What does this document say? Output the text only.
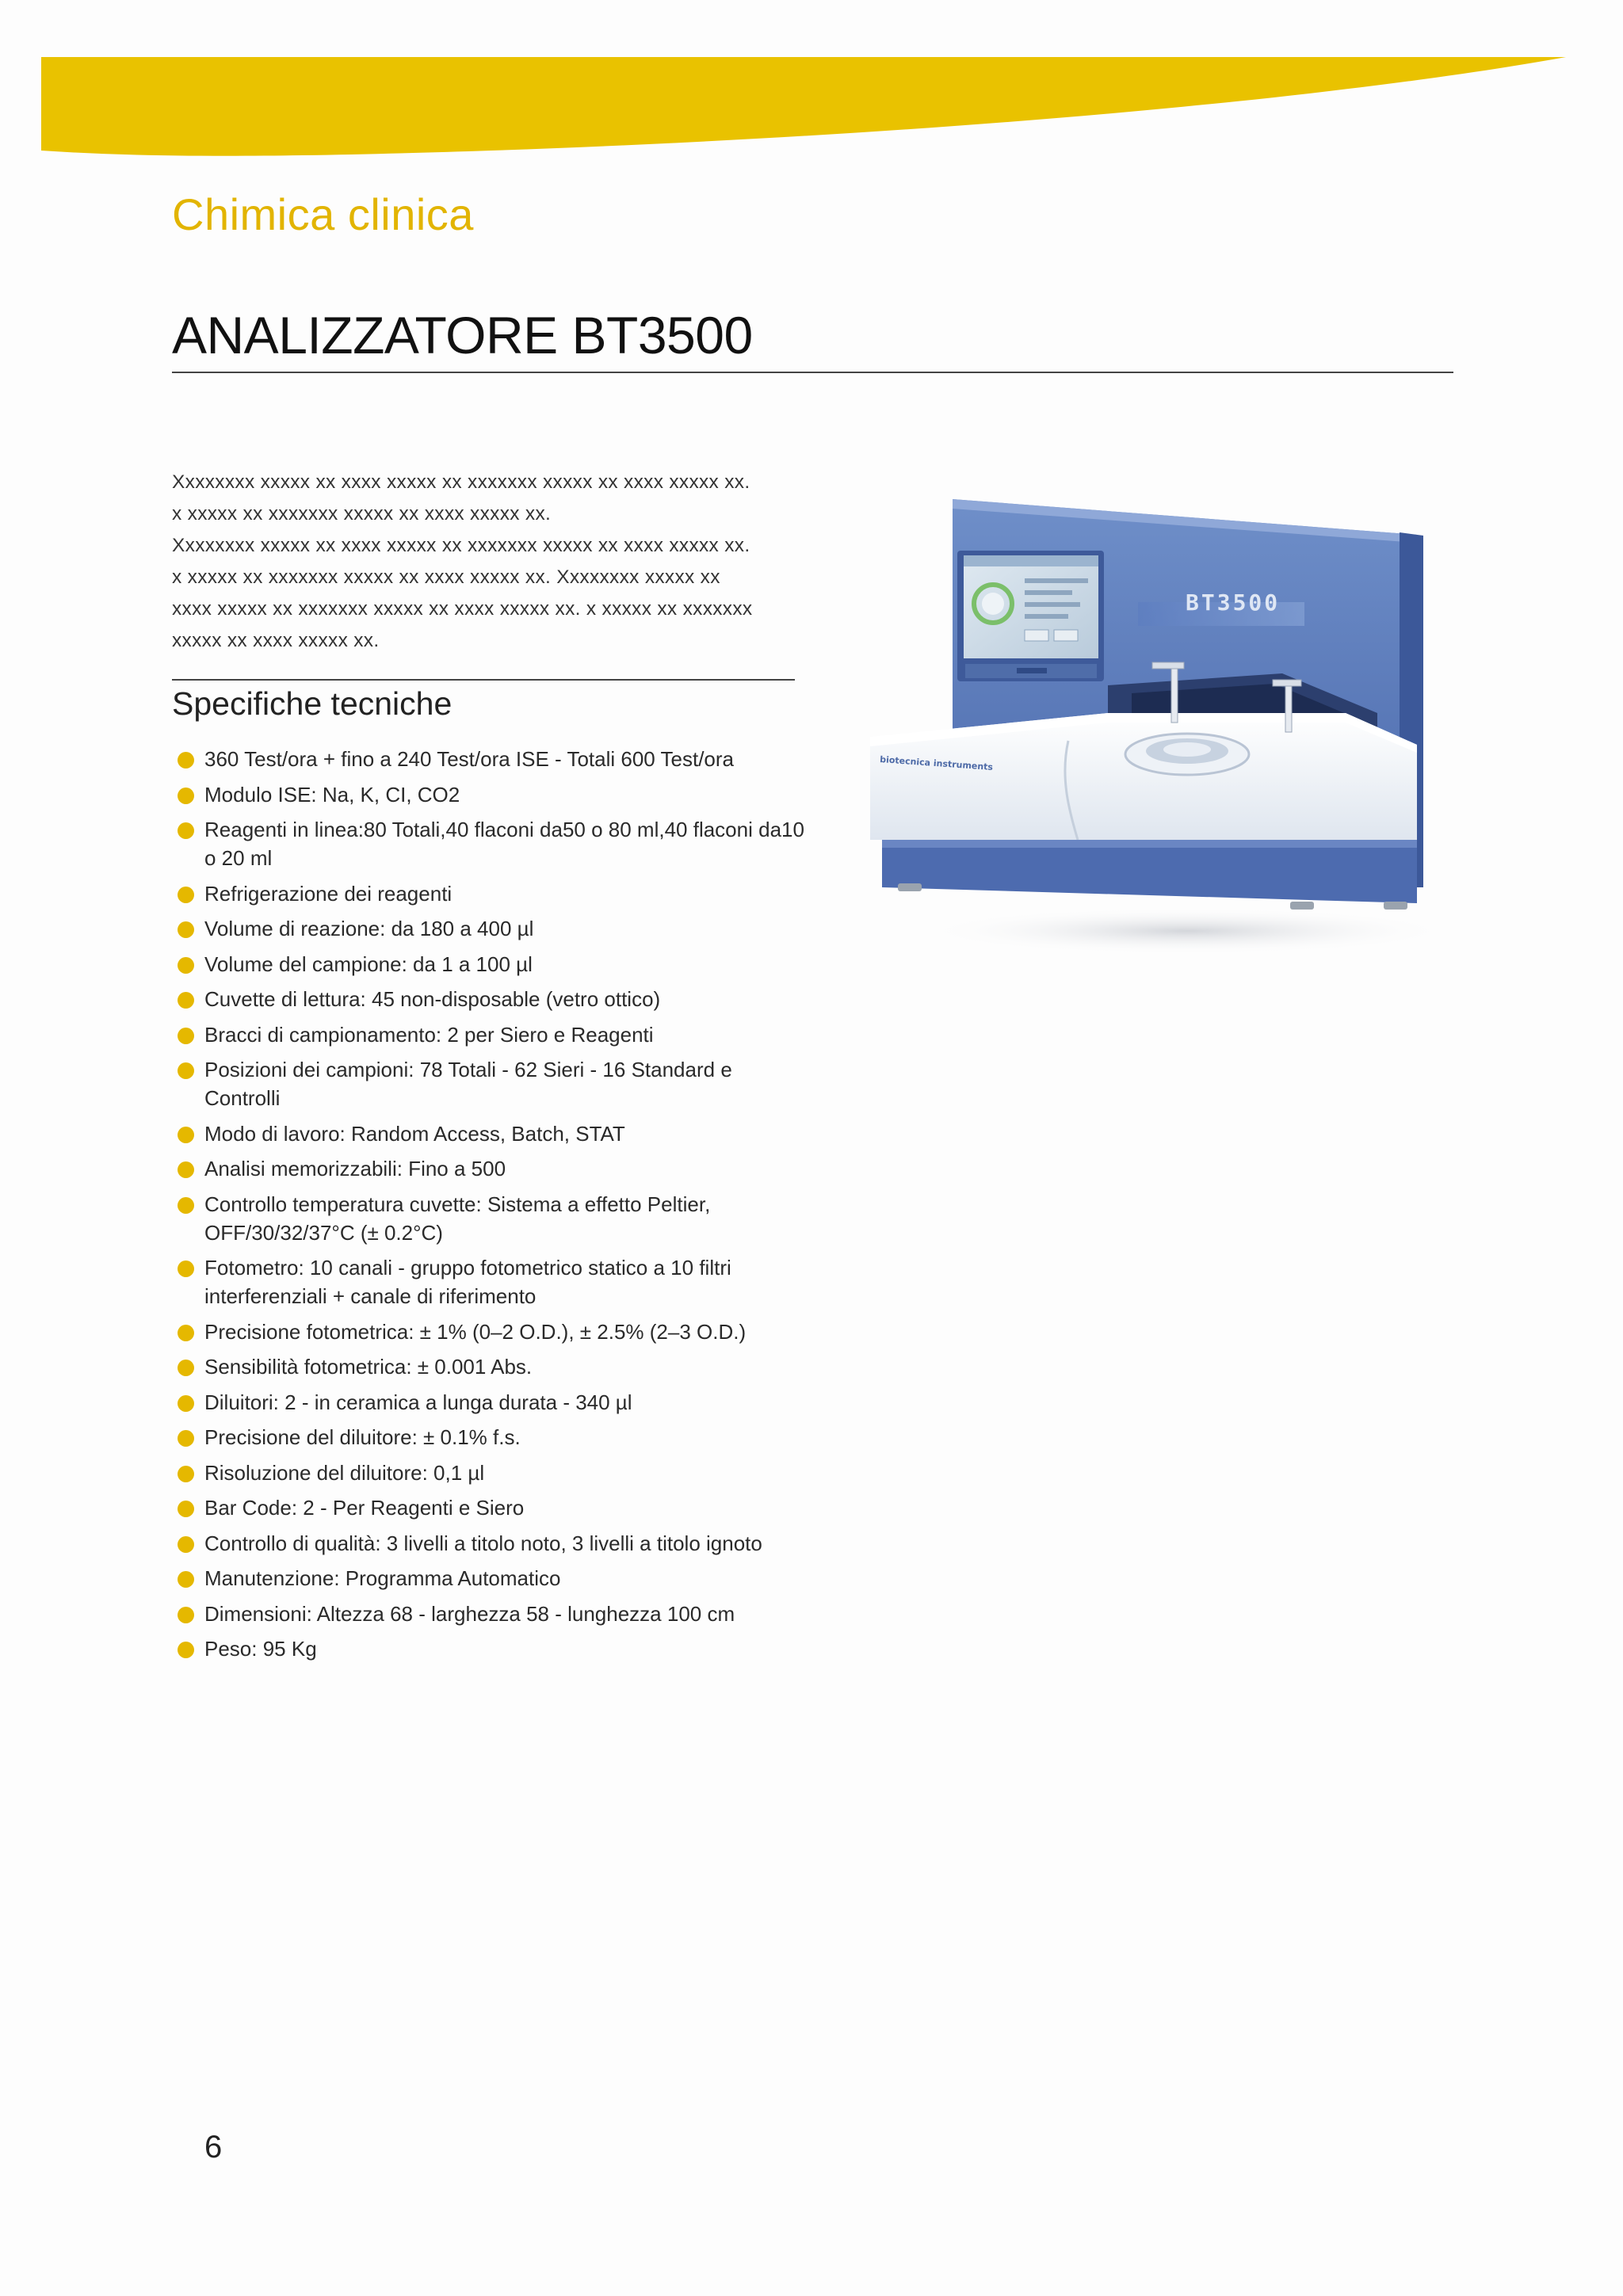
Chimica clinica
ANALIZZATORE BT3500

Xxxxxxxx xxxxx xx xxxx xxxxx xx xxxxxxx xxxxx xx xxxx xxxxx xx.

x xxxxx xx xxxxxxx xxxxx xx xxxx xxxxx xx.

Xxxxxxxx xxxxx xx xxxx xxxxx xx xxxxxxx xxxxx xx xxxx xxxxx xx.

x xxxxx xx xxxxxxx xxxxx xx xxxx xxxxx xx. Xxxxxxxx xxxxx xx

xxxx xxxxx xx xxxxxxx xxxxx xx xxxx xxxxx xx. x xxxxx xx xxxxxxx

xxxxx xx xxxx xxxxx xx.

Specifiche tecniche
360 Test/ora + fino a 240 Test/ora ISE - Totali 600 Test/ora
Modulo ISE: Na, K, CI, CO2
Reagenti in linea:80 Totali,40 flaconi da50 o 80 ml,40 flaconi da10 o 20 ml
Refrigerazione dei reagenti
Volume di reazione: da 180 a 400 µl
Volume del campione: da 1 a 100 µl
Cuvette di lettura: 45 non-disposable (vetro ottico)
Bracci di campionamento: 2 per Siero e Reagenti
Posizioni dei campioni: 78 Totali - 62 Sieri - 16 Standard e Controlli
Modo di lavoro: Random Access, Batch, STAT
Analisi memorizzabili: Fino a 500
Controllo temperatura cuvette: Sistema a effetto Peltier, OFF/30/32/37°C (± 0.2°C)
Fotometro: 10 canali - gruppo fotometrico statico a 10 filtri interferenziali + canale di riferimento
Precisione fotometrica: ± 1% (0–2 O.D.), ± 2.5% (2–3 O.D.)
Sensibilità fotometrica: ± 0.001 Abs.
Diluitori: 2 - in ceramica a lunga durata - 340 µl
Precisione del diluitore: ± 0.1% f.s.
Risoluzione del diluitore: 0,1 µl
Bar Code: 2 - Per Reagenti e Siero
Controllo di qualità: 3 livelli a titolo noto, 3 livelli a titolo ignoto
Manutenzione: Programma Automatico
Dimensioni: Altezza 68 - larghezza 58 - lunghezza 100 cm
Peso: 95 Kg
BT3500
biotecnica instruments
6
